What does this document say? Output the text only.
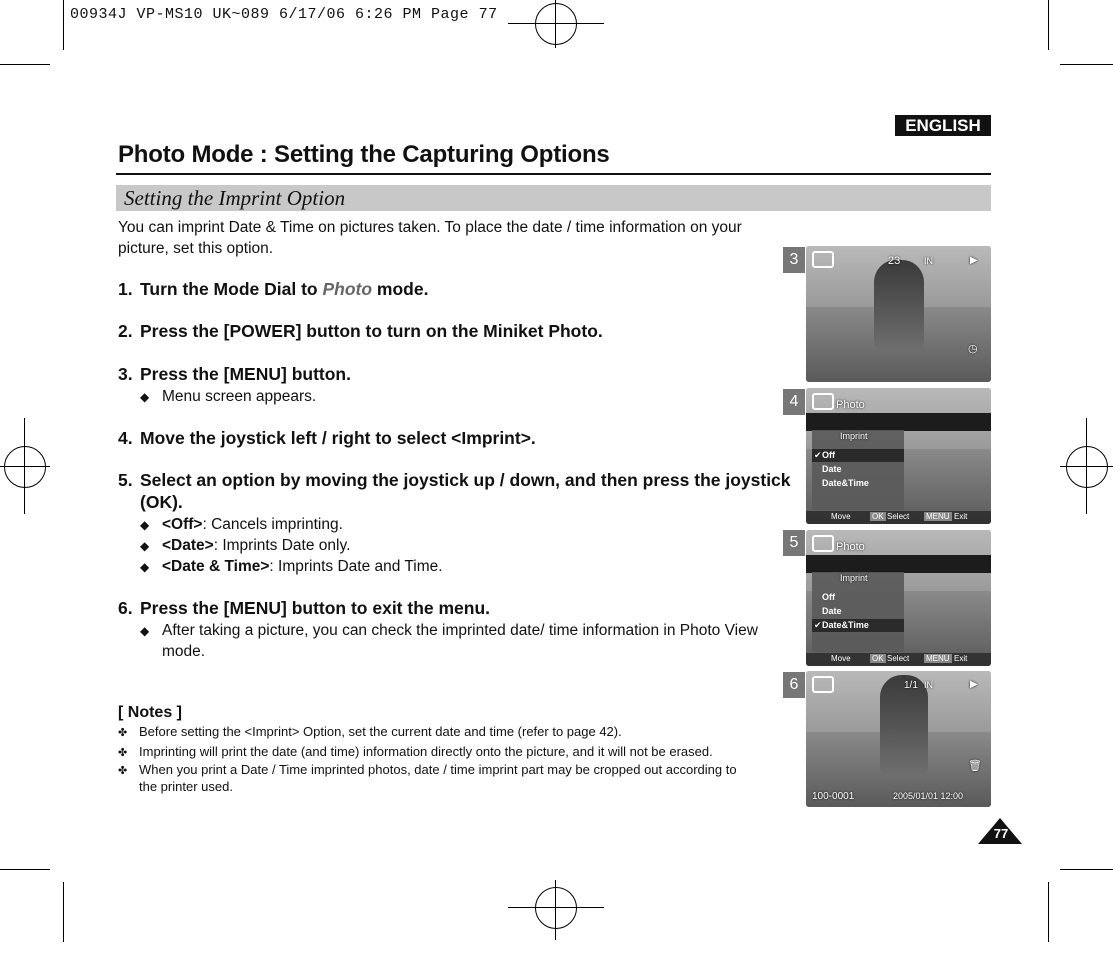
00934J VP-MS10 UK~089 6/17/06 6:26 PM Page 77
ENGLISH
Photo Mode : Setting the Capturing Options
Setting the Imprint Option
You can imprint Date & Time on pictures taken. To place the date / time information on your picture, set this option.
1. Turn the Mode Dial to Photo mode.
2. Press the [POWER] button to turn on the Miniket Photo.
3. Press the [MENU] button.
◆ Menu screen appears.
4. Move the joystick left / right to select <Imprint>.
5. Select an option by moving the joystick up / down, and then press the joystick
(OK).
◆ <Off>: Cancels imprinting.
◆ <Date>: Imprints Date only.
◆ <Date & Time>: Imprints Date and Time.
6. Press the [MENU] button to exit the menu.
◆ After taking a picture, you can check the imprinted date/ time information in Photo View
mode.
[ Notes ]
✤ Before setting the <Imprint> Option, set the current date and time (refer to page 42).
✤ Imprinting will print the date (and time) information directly onto the picture, and it will not be erased.
✤ When you print a Date / Time imprinted photos, date / time imprint part may be cropped out according to
the printer used.
3	23	IN	▶
◷
4	Photo
Imprint
✔ Off
Date
Date&Time
Move	OK Select MENU Exit
5	Photo
Imprint
✔
Off
Date
Date&Time
Move	OK Select MENU Exit
6	1/1 IN	▶
🗑
100-0001	2005/01/01 12:00
77
